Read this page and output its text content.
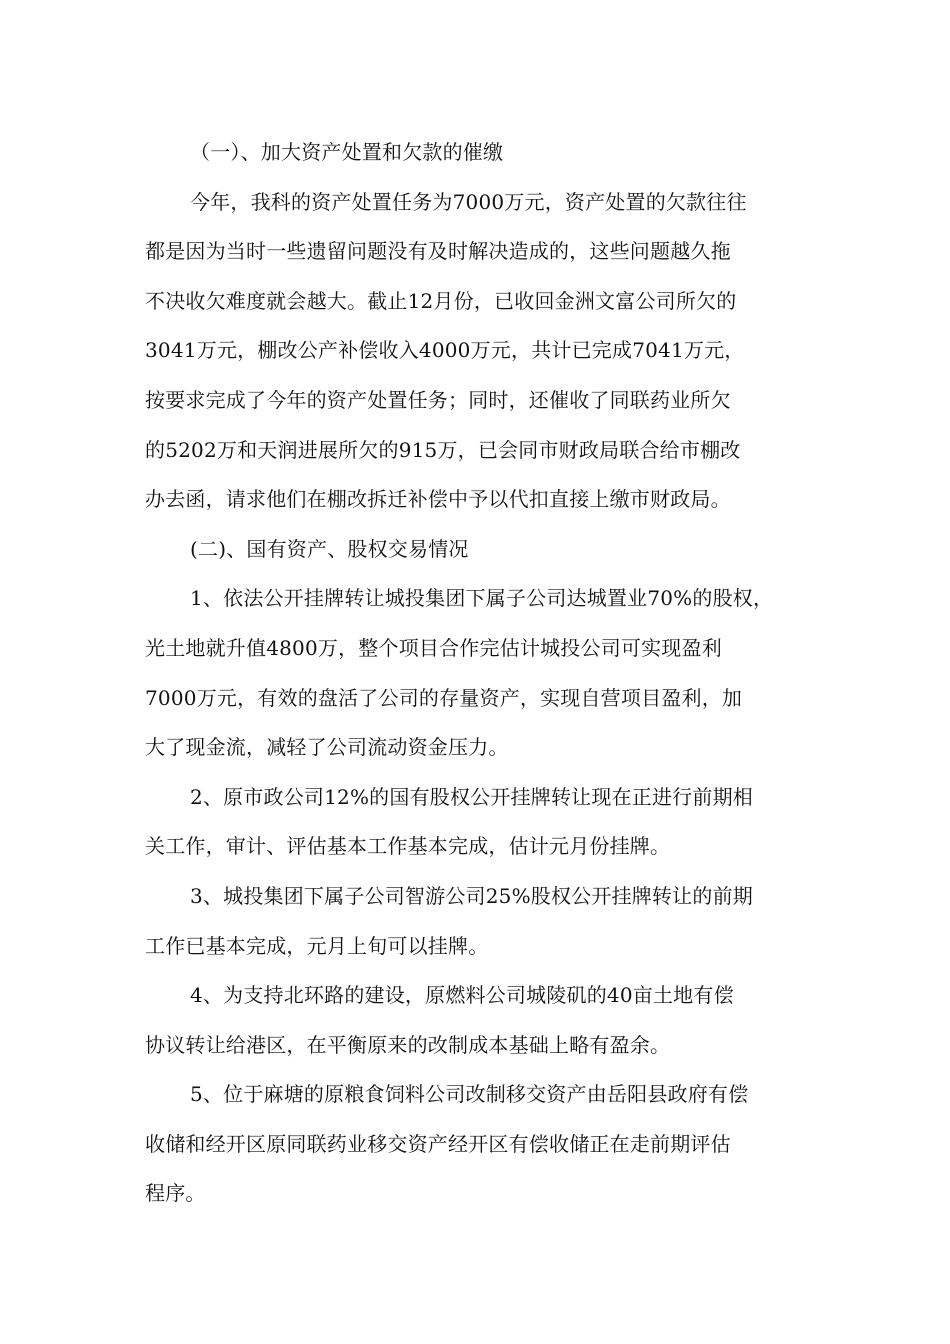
（一）、加大资产处置和欠款的催缴
今年，我科的资产处置任务为7000万元，资产处置的欠款往往
都是因为当时一些遗留问题没有及时解决造成的，这些问题越久拖
不决收欠难度就会越大。截止12月份，已收回金洲文富公司所欠的
3041万元，棚改公产补偿收入4000万元，共计已完成7041万元，
按要求完成了今年的资产处置任务；同时，还催收了同联药业所欠
的5202万和天润进展所欠的915万，已会同市财政局联合给市棚改
办去函，请求他们在棚改拆迁补偿中予以代扣直接上缴市财政局。
(二)、国有资产、股权交易情况
1、依法公开挂牌转让城投集团下属子公司达城置业70%的股权，
光土地就升值4800万，整个项目合作完估计城投公司可实现盈利
7000万元，有效的盘活了公司的存量资产，实现自营项目盈利，加
大了现金流，减轻了公司流动资金压力。
2、原市政公司12%的国有股权公开挂牌转让现在正进行前期相
关工作，审计、评估基本工作基本完成，估计元月份挂牌。
3、城投集团下属子公司智游公司25%股权公开挂牌转让的前期
工作已基本完成，元月上旬可以挂牌。
4、为支持北环路的建设，原燃料公司城陵矶的40亩土地有偿
协议转让给港区，在平衡原来的改制成本基础上略有盈余。
5、位于麻塘的原粮食饲料公司改制移交资产由岳阳县政府有偿
收储和经开区原同联药业移交资产经开区有偿收储正在走前期评估
程序。
